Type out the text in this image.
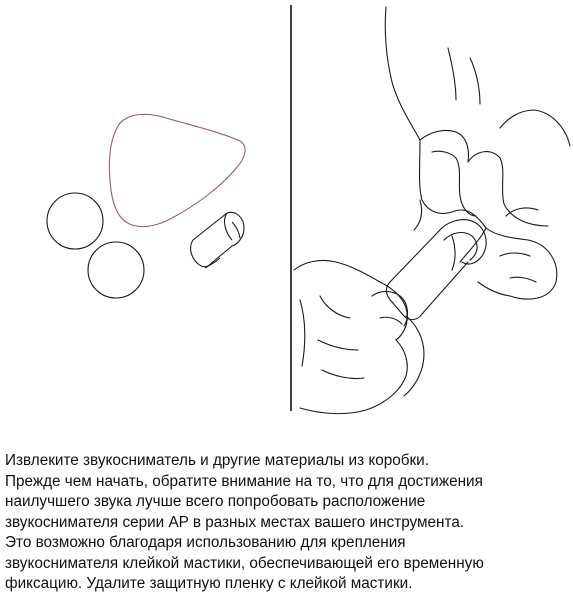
Извлеките звукосниматель и другие материалы из коробки.
Прежде чем начать, обратите внимание на то, что для достижения
наилучшего звука лучше всего попробовать расположение
звукоснимателя серии AP в разных местах вашего инструмента.
Это возможно благодаря использованию для крепления
звукоснимателя клейкой мастики, обеспечивающей его временную
фиксацию. Удалите защитную пленку с клейкой мастики.
